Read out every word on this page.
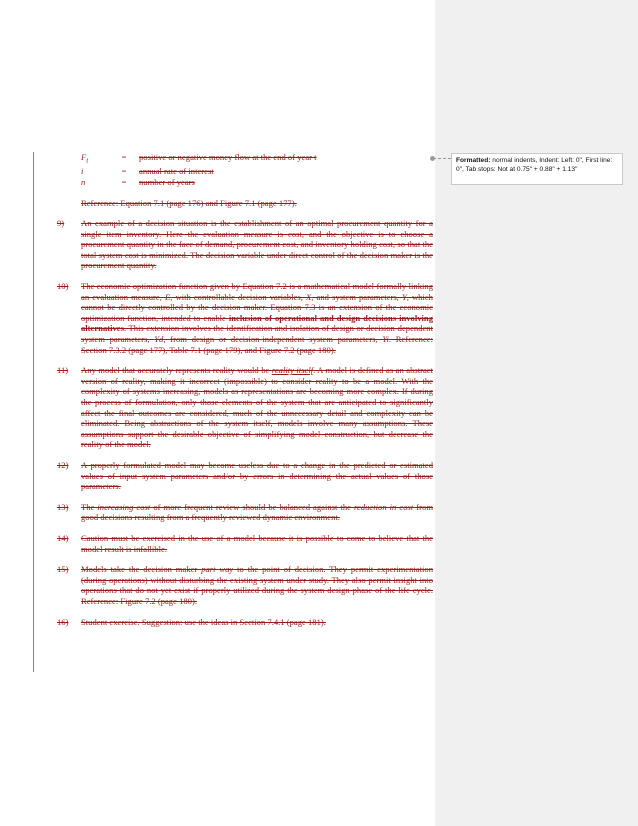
$F_t$	= positive or negative money flow at the end of year t
i	= annual rate of interest
n	= number of years
Reference: Equation 7.1 (page 176) and Figure 7.1 (page 177).
9)	An example of a decision situation is the establishment of an optimal procurement quantity for a single item inventory. Here the evaluation measure is cost, and the objective is to choose a procurement quantity in the face of demand, procurement cost, and inventory holding cost, so that the total system cost is minimized. The decision variable under direct control of the decision maker is the procurement quantity.
10)	The economic optimization function given by Equation 7.2 is a mathematical model formally linking an evaluation measure, E, with controllable decision variables, X, and system parameters, Y, which cannot be directly controlled by the decision maker. Equation 7.3 is an extension of the economic optimization function, intended to enable inclusion of operational and design decisions involving alternatives. This extension involves the identification and isolation of design or decision-dependent system parameters, Yd, from design or decision-independent system parameters, Yi. Reference: Section 7.3.2 (page 177), Table 7.1 (page 179), and Figure 7.2 (page 180).
11)	Any model that accurately represents reality would be reality itself. A model is defined as an abstract version of reality, making it incorrect (impossible) to consider reality to be a model. With the complexity of systems increasing, models as representations are becoming more complex. If during the process of formulation, only those elements of the system that are anticipated to significantly affect the final outcomes are considered, much of the unnecessary detail and complexity can be eliminated. Being abstractions of the system itself, models involve many assumptions. These assumptions support the desirable objective of simplifying model construction, but decrease the reality of the model.
12)	A properly formulated model may become useless due to a change in the predicted or estimated values of input system parameters and/or by errors in determining the actual values of those parameters.
13)	The increasing cost of more frequent review should be balanced against the reduction in cost from good decisions resulting from a frequently reviewed dynamic environment.
14)	Caution must be exercised in the use of a model because it is possible to come to believe that the model result is infallible.
15)	Models take the decision maker part way to the point of decision. They permit experimentation (during operations) without disturbing the existing system under study. They also permit insight into operations that do not yet exist if properly utilized during the system design phase of the life cycle. Reference: Figure 7.2 (page 180).
16)	Student exercise. Suggestion: use the ideas in Section 7.4.1 (page 181).
Formatted: normal indents, Indent: Left: 0", First line: 0", Tab stops: Not at 0.75" + 0.88" + 1.13"
